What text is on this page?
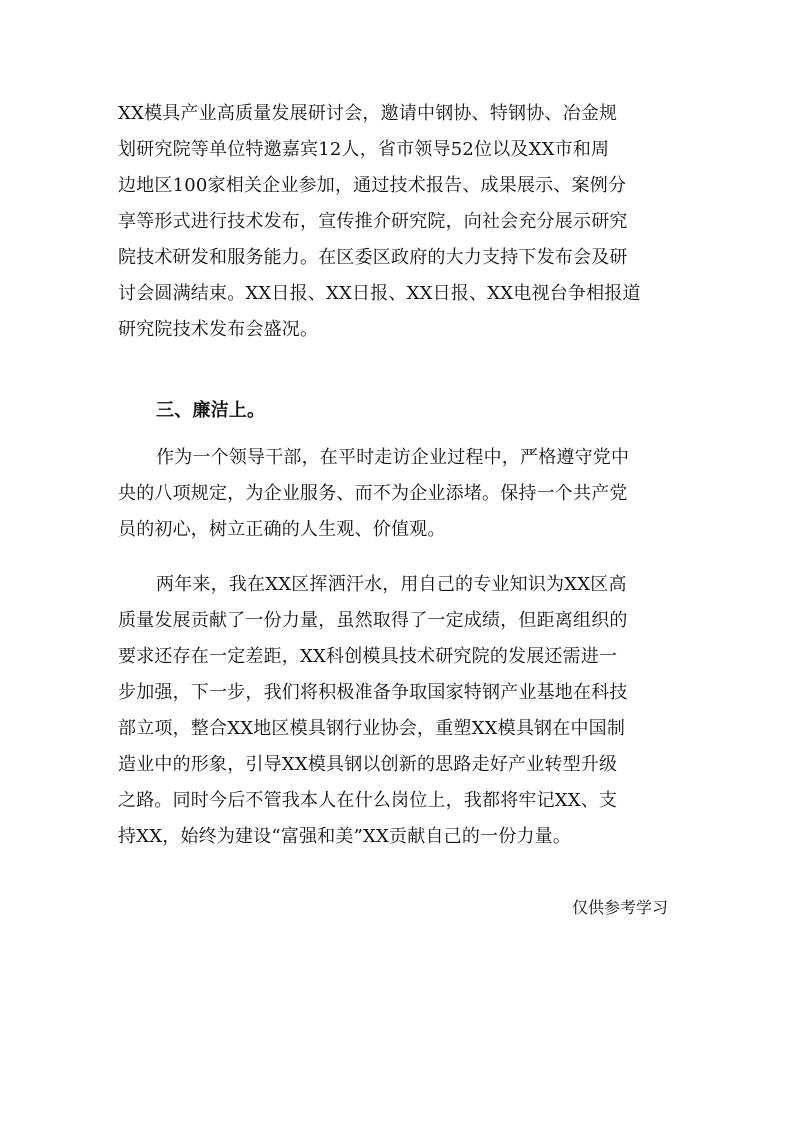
XX模具产业高质量发展研讨会，邀请中钢协、特钢协、冶金规
划研究院等单位特邀嘉宾12人，省市领导52位以及XX市和周
边地区100家相关企业参加，通过技术报告、成果展示、案例分
享等形式进行技术发布，宣传推介研究院，向社会充分展示研究
院技术研发和服务能力。在区委区政府的大力支持下发布会及研
讨会圆满结束。XX日报、XX日报、XX日报、XX电视台争相报道
研究院技术发布会盛况。
三、廉洁上。
作为一个领导干部，在平时走访企业过程中，严格遵守党中
央的八项规定，为企业服务、而不为企业添堵。保持一个共产党
员的初心，树立正确的人生观、价值观。
两年来，我在XX区挥洒汗水，用自己的专业知识为XX区高
质量发展贡献了一份力量，虽然取得了一定成绩，但距离组织的
要求还存在一定差距，XX科创模具技术研究院的发展还需进一
步加强，下一步，我们将积极准备争取国家特钢产业基地在科技
部立项，整合XX地区模具钢行业协会，重塑XX模具钢在中国制
造业中的形象，引导XX模具钢以创新的思路走好产业转型升级
之路。同时今后不管我本人在什么岗位上，我都将牢记XX、支
持XX，始终为建设“富强和美”XX贡献自己的一份力量。
仅供参考学习
